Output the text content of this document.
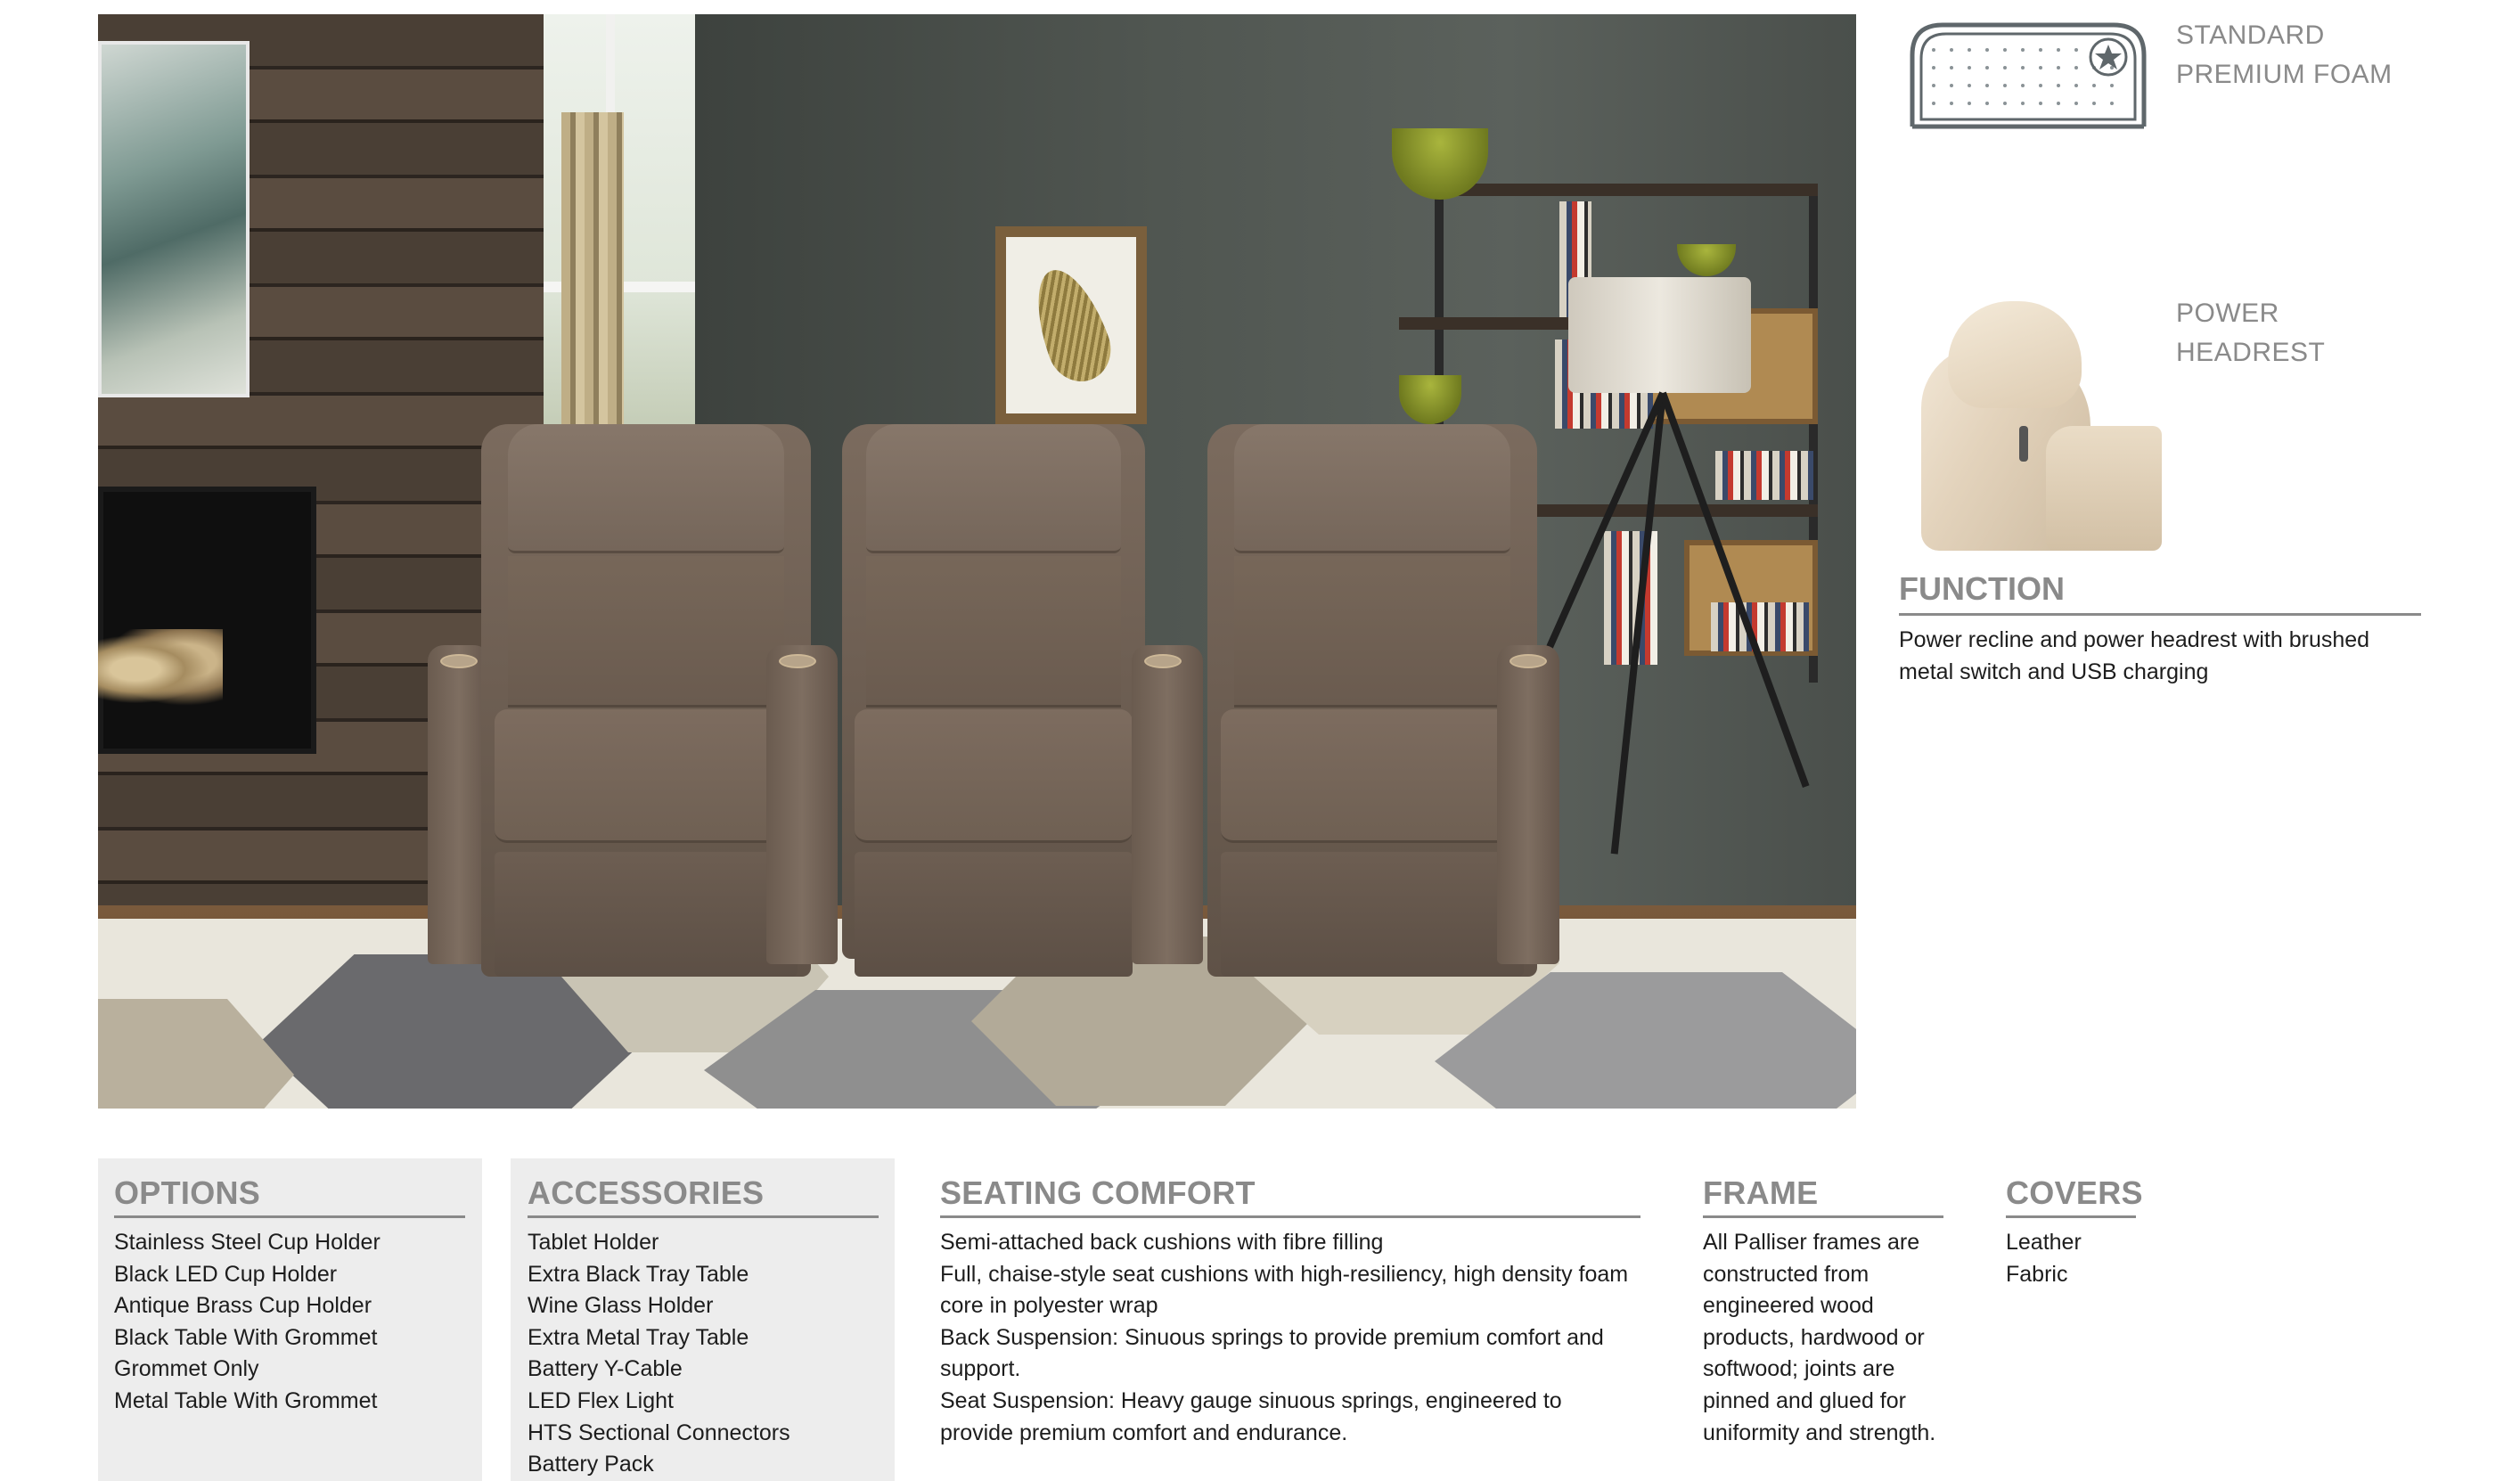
STANDARD
PREMIUM FOAM
POWER
HEADREST
FUNCTION
Power recline and power headrest with brushed metal switch and USB charging
OPTIONS
Stainless Steel Cup Holder
Black LED Cup Holder
Antique Brass Cup Holder
Black Table With Grommet
Grommet Only
Metal Table With Grommet
ACCESSORIES
Tablet Holder
Extra Black Tray Table
Wine Glass Holder
Extra Metal Tray Table
Battery Y-Cable
LED Flex Light
HTS Sectional Connectors
Battery Pack
SEATING COMFORT

Semi-attached back cushions with fibre filling

Full, chaise-style seat cushions with high-resiliency, high density foam core in polyester wrap

Back Suspension: Sinuous springs to provide premium comfort and support.

Seat Suspension: Heavy gauge sinuous springs, engineered to provide premium comfort and endurance.

FRAME

All Palliser frames are constructed from engineered wood products, hardwood or softwood; joints are pinned and glued for uniformity and strength.

COVERS
Leather
Fabric
